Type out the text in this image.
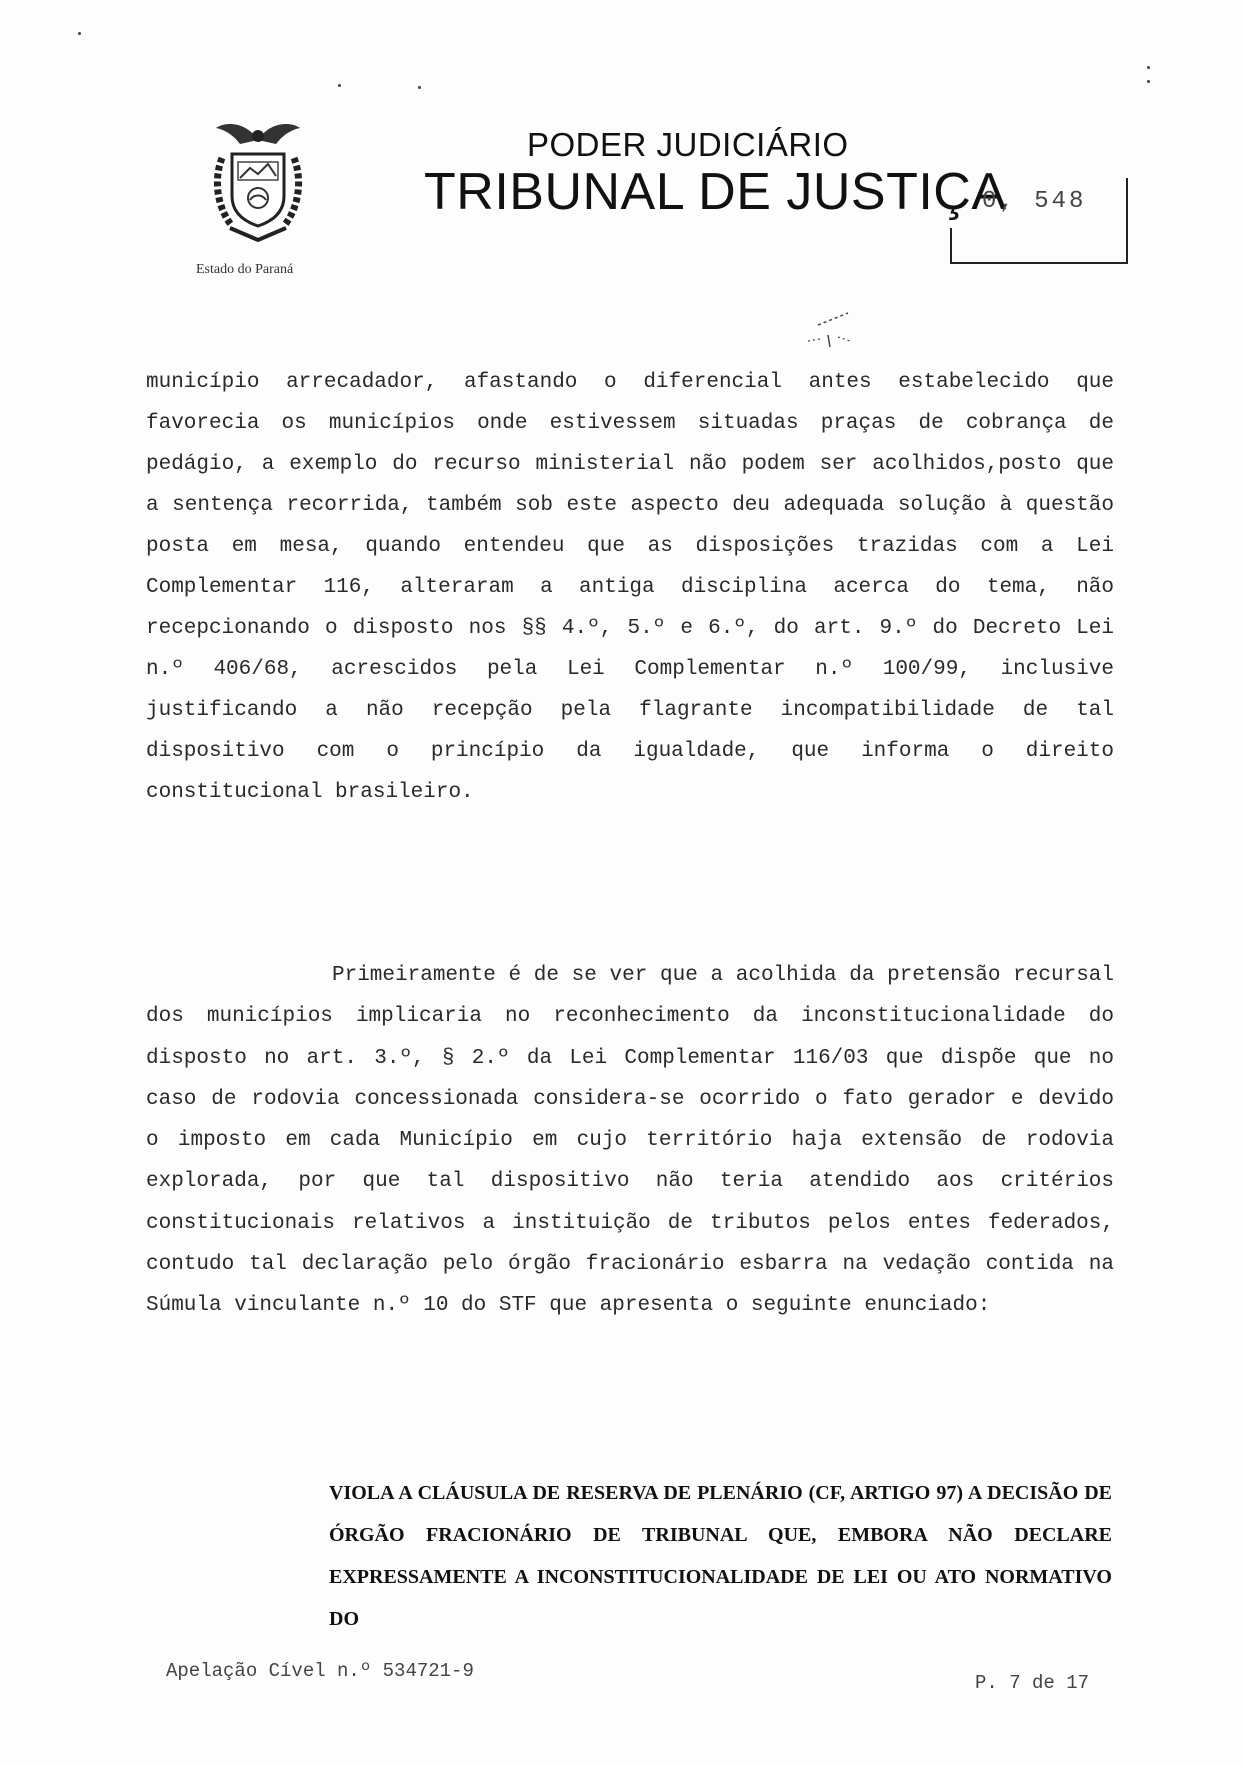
Estado do Paraná
PODER JUDICIÁRIO
TRIBUNAL DE JUSTIÇA
0, 548
município arrecadador, afastando o diferencial antes estabelecido que favorecia os municípios onde estivessem situadas praças de cobrança de pedágio, a exemplo do recurso ministerial não podem ser acolhidos,posto que a sentença recorrida, também sob este aspecto deu adequada solução à questão posta em mesa, quando entendeu que as disposições trazidas com a Lei Complementar 116, alteraram a antiga disciplina acerca do tema, não recepcionando o disposto nos §§ 4.º, 5.º e 6.º, do art. 9.º do Decreto Lei n.º 406/68, acrescidos pela Lei Complementar n.º 100/99, inclusive justificando a não recepção pela flagrante incompatibilidade de tal dispositivo com o princípio da igualdade, que informa o direito constitucional brasileiro.
Primeiramente é de se ver que a acolhida da pretensão recursal dos municípios implicaria no reconhecimento da inconstitucionalidade do disposto no art. 3.º, § 2.º da Lei Complementar 116/03 que dispõe que no caso de rodovia concessionada considera-se ocorrido o fato gerador e devido o imposto em cada Município em cujo território haja extensão de rodovia explorada, por que tal dispositivo não teria atendido aos critérios constitucionais relativos a instituição de tributos pelos entes federados, contudo tal declaração pelo órgão fracionário esbarra na vedação contida na Súmula vinculante n.º 10 do STF que apresenta o seguinte enunciado:
VIOLA A CLÁUSULA DE RESERVA DE PLENÁRIO (CF, ARTIGO 97) A DECISÃO DE ÓRGÃO FRACIONÁRIO DE TRIBUNAL QUE, EMBORA NÃO DECLARE EXPRESSAMENTE A INCONSTITUCIONALIDADE DE LEI OU ATO NORMATIVO DO
Apelação Cível n.º 534721-9
P. 7 de 17
